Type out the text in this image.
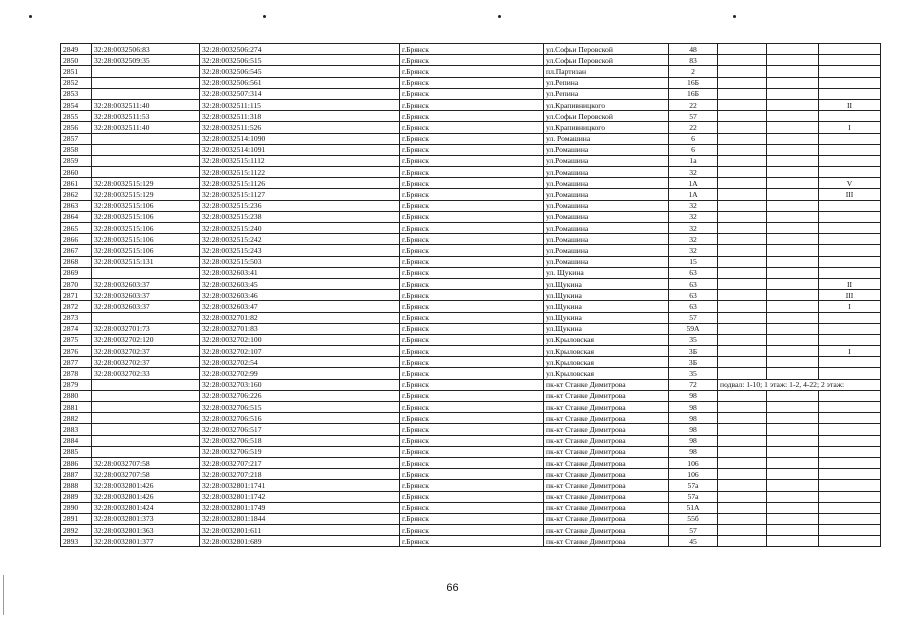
2849	32:28:0032506:83	32:28:0032506:274	г.Брянск	ул.Софьи Перовской	48			
2850	32:28:0032509:35	32:28:0032506:515	г.Брянск	ул.Софьи Перовской	83			
2851		32:28:0032506:545	г.Брянск	пл.Партизан	2			
2852		32:28:0032506:561	г.Брянск	ул.Репина	16Б			
2853		32:28:0032507:314	г.Брянск	ул.Репина	16Б			
2854	32:28:0032511:40	32:28:0032511:115	г.Брянск	ул.Крапивницкого	22			II
2855	32:28:0032511:53	32:28:0032511:318	г.Брянск	ул.Софьи Перовской	57			
2856	32:28:0032511:40	32:28:0032511:526	г.Брянск	ул.Крапивницкого	22			I
2857		32:28:0032514:1090	г.Брянск	ул. Ромашина	6			
2858		32:28:0032514:1091	г.Брянск	ул.Ромашина	6			
2859		32:28:0032515:1112	г.Брянск	ул.Ромашина	1а			
2860		32:28:0032515:1122	г.Брянск	ул.Ромашина	32			
2861	32:28:0032515:129	32:28:0032515:1126	г.Брянск	ул.Ромашина	1А			V
2862	32:28:0032515:129	32:28:0032515:1127	г.Брянск	ул.Ромашина	1А			III
2863	32:28:0032515:106	32:28:0032515:236	г.Брянск	ул.Ромашина	32			
2864	32:28:0032515:106	32:28:0032515:238	г.Брянск	ул.Ромашина	32			
2865	32:28:0032515:106	32:28:0032515:240	г.Брянск	ул.Ромашина	32			
2866	32:28:0032515:106	32:28:0032515:242	г.Брянск	ул.Ромашина	32			
2867	32:28:0032515:106	32:28:0032515:243	г.Брянск	ул.Ромашина	32			
2868	32:28:0032515:131	32:28:0032515:503	г.Брянск	ул.Ромашина	15			
2869		32:28:0032603:41	г.Брянск	ул. Щукина	63			
2870	32:28:0032603:37	32:28:0032603:45	г.Брянск	ул.Щукина	63			II
2871	32:28:0032603:37	32:28:0032603:46	г.Брянск	ул.Щукина	63			III
2872	32:28:0032603:37	32:28:0032603:47	г.Брянск	ул.Щукина	63			I
2873		32:28:0032701:82	г.Брянск	ул.Щукина	57			
2874	32:28:0032701:73	32:28:0032701:83	г.Брянск	ул.Щукина	59А			
2875	32:28:0032702:120	32:28:0032702:100	г.Брянск	ул.Крыловская	35			
2876	32:28:0032702:37	32:28:0032702:107	г.Брянск	ул.Крыловская	3Б			I
2877	32:28:0032702:37	32:28:0032702:54	г.Брянск	ул.Крыловская	3Б			
2878	32:28:0032702:33	32:28:0032702:99	г.Брянск	ул.Крыловская	35			
2879		32:28:0032703:160	г.Брянск	пк-кт Станке Димитрова	72	подвал: 1-10; 1 этаж: 1-2, 4-22; 2 этаж:		
2880		32:28:0032706:226	г.Брянск	пк-кт Станке Димитрова	98			
2881		32:28:0032706:515	г.Брянск	пк-кт Станке Димитрова	98			
2882		32:28:0032706:516	г.Брянск	пк-кт Станке Димитрова	98			
2883		32:28:0032706:517	г.Брянск	пк-кт Станке Димитрова	98			
2884		32:28:0032706:518	г.Брянск	пк-кт Станке Димитрова	98			
2885		32:28:0032706:519	г.Брянск	пк-кт Станке Димитрова	98			
2886	32:28:0032707:58	32:28:0032707:217	г.Брянск	пк-кт Станке Димитрова	106			
2887	32:28:0032707:58	32:28:0032707:218	г.Брянск	пк-кт Станке Димитрова	106			
2888	32:28:0032801:426	32:28:0032801:1741	г.Брянск	пк-кт Станке Димитрова	57а			
2889	32:28:0032801:426	32:28:0032801:1742	г.Брянск	пк-кт Станке Димитрова	57а			
2890	32:28:0032801:424	32:28:0032801:1749	г.Брянск	пк-кт Станке Димитрова	51А			
2891	32:28:0032801:373	32:28:0032801:1844	г.Брянск	пк-кт Станке Димитрова	55б			
2892	32:28:0032801:363	32:28:0032801:611	г.Брянск	пк-кт Станке Димитрова	57			
2893	32:28:0032801:377	32:28:0032801:689	г.Брянск	пк-кт Станке Димитрова	45			
66
